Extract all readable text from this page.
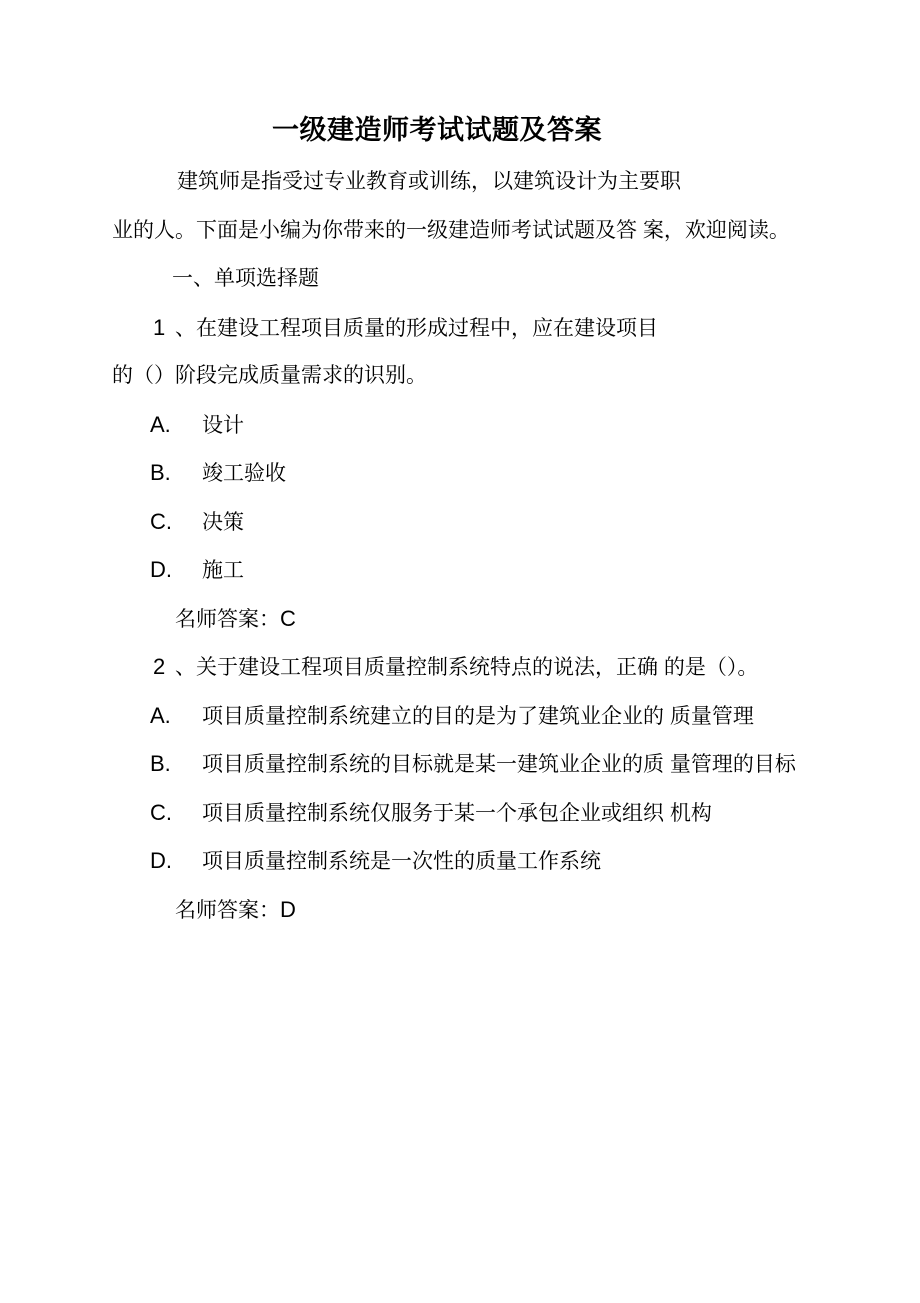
一级建造师考试试题及答案
建筑师是指受过专业教育或训练，以建筑设计为主要职
业的人。下面是小编为你带来的一级建造师考试试题及答 案，欢迎阅读。
一、单项选择题
1 、在建设工程项目质量的形成过程中，应在建设项目
的（）阶段完成质量需求的识别。
A. 设计
B. 竣工验收
C. 决策
D. 施工
名师答案：C
2 、关于建设工程项目质量控制系统特点的说法，正确 的是（）。
A. 项目质量控制系统建立的目的是为了建筑业企业的 质量管理
B. 项目质量控制系统的目标就是某一建筑业企业的质 量管理的目标
C. 项目质量控制系统仅服务于某一个承包企业或组织 机构
D. 项目质量控制系统是一次性的质量工作系统
名师答案：D
